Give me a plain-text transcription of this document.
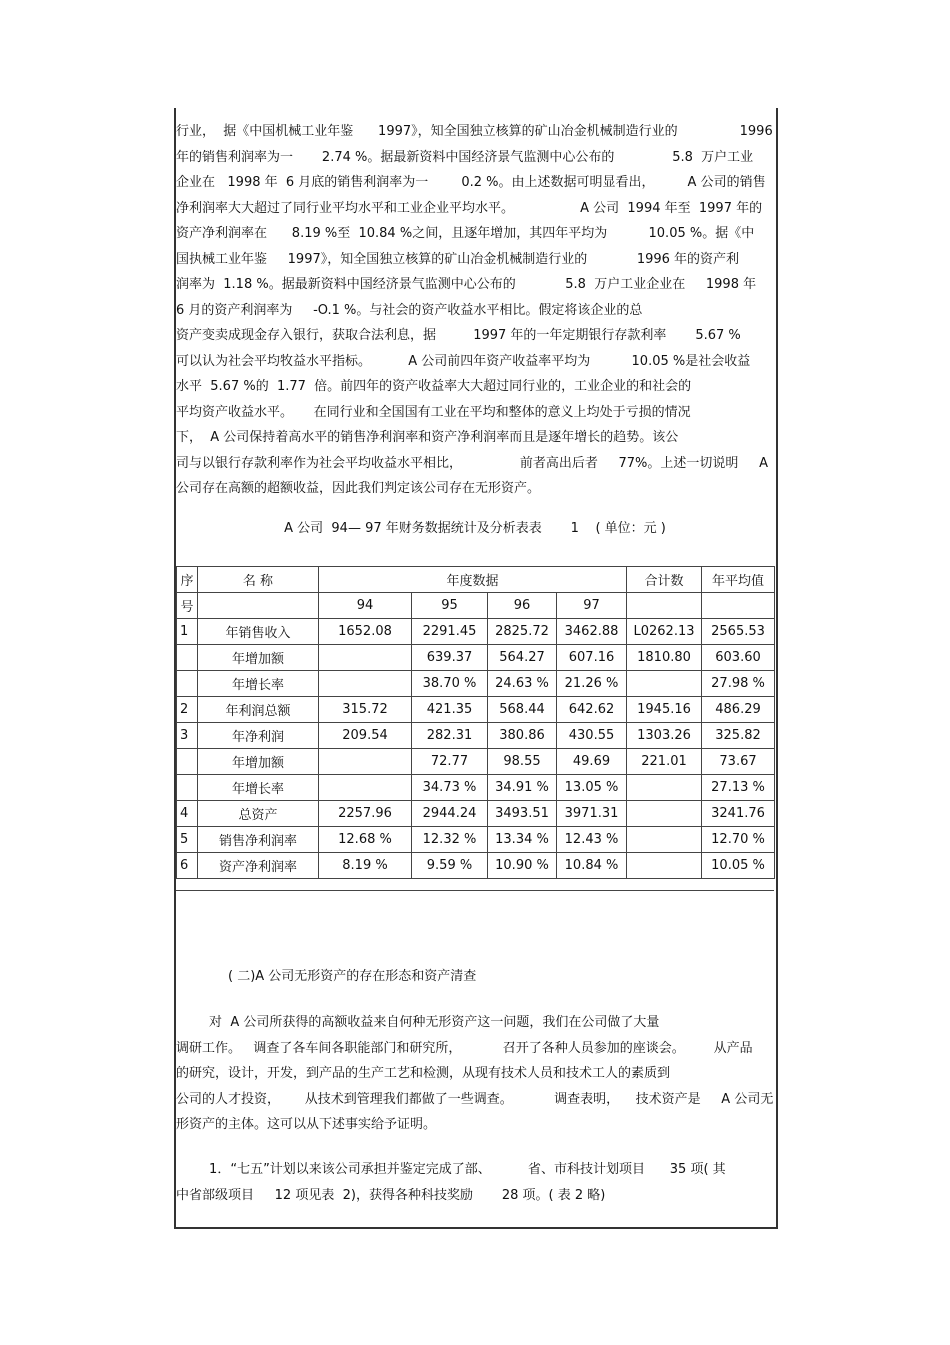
行业，  据《中国机械工业年鉴      1997》，知全国独立核算的矿山冶金机械制造行业的               1996
年的销售利润率为一       2.74 %。据最新资料中国经济景气监测中心公布的              5.8  万户工业
企业在   1998 年  6 月底的销售利润率为一        0.2 %。由上述数据可明显看出，        A 公司的销售
净利润率大大超过了同行业平均水平和工业企业平均水平。                A 公司  1994 年至  1997 年的
资产净利润率在      8.19 %至  10.84 %之间，且逐年增加，其四年平均为          10.05 %。据《中
国执械工业年鉴     1997》，知全国独立核算的矿山冶金机械制造行业的            1996 年的资产利
润率为  1.18 %。据最新资料中国经济景气监测中心公布的            5.8  万户工业企业在     1998 年
6 月的资产利润率为     -O.1 %。与社会的资产收益水平相比。假定将该企业的总
资产变卖成现金存入银行，获取合法利息，据         1997 年的一年定期银行存款利率       5.67 %
可以认为社会平均牧益水平指标。         A 公司前四年资产收益率平均为          10.05 %是社会收益
水平  5.67 %的  1.77  倍。前四年的资产收益率大大超过同行业的，工业企业的和社会的
平均资产收益水平。     在同行业和全国国有工业在平均和整体的意义上均处于亏损的情况
下，  A 公司保持着高水平的销售净利润率和资产净利润率而且是逐年增长的趋势。该公
司与以银行存款利率作为社会平均收益水平相比，              前者高出后者     77%。上述一切说明     A
公司存在高额的超额收益，因此我们判定该公司存在无形资产。
A 公司  94— 97 年财务数据统计及分析表表       1    ( 单位：元 )
序	名 称	年度数据				合计数	年平均值
号		94	95	96	97		
1	年销售收入	1652.08	2291.45	2825.72	3462.88	L0262.13	2565.53
	年增加额		639.37	564.27	607.16	1810.80	603.60
	年增长率		38.70 %	24.63 %	21.26 %		27.98 %
2	年利润总额	315.72	421.35	568.44	642.62	1945.16	486.29
3	年净利润	209.54	282.31	380.86	430.55	1303.26	325.82
	年增加额		72.77	98.55	49.69	221.01	73.67
	年增长率		34.73 %	34.91 %	13.05 %		27.13 %
4	总资产	2257.96	2944.24	3493.51	3971.31		3241.76
5	销售净利润率	12.68 %	12.32 %	13.34 %	12.43 %		12.70 %
6	资产净利润率	8.19 %	9.59 %	10.90 %	10.84 %		10.05 %
( 二)A 公司无形资产的存在形态和资产清查
对  A 公司所获得的高额收益来自何种无形资产这一问题，我们在公司做了大量
调研工作。   调查了各车间各职能部门和研究所，          召开了各种人员参加的座谈会。       从产品
的研究，设计，开发，到产品的生产工艺和检测，从现有技术人员和技术工人的素质到
公司的人才投资，      从技术到管理我们都做了一些调查。          调查表明，    技术资产是     A 公司无
形资产的主体。这可以从下述事实给予证明。
1．“七五”计划以来该公司承担并鉴定完成了部、         省、市科技计划项目      35 项( 其
中省部级项目     12 项见表  2)，获得各种科技奖励       28 项。( 表 2 略)
